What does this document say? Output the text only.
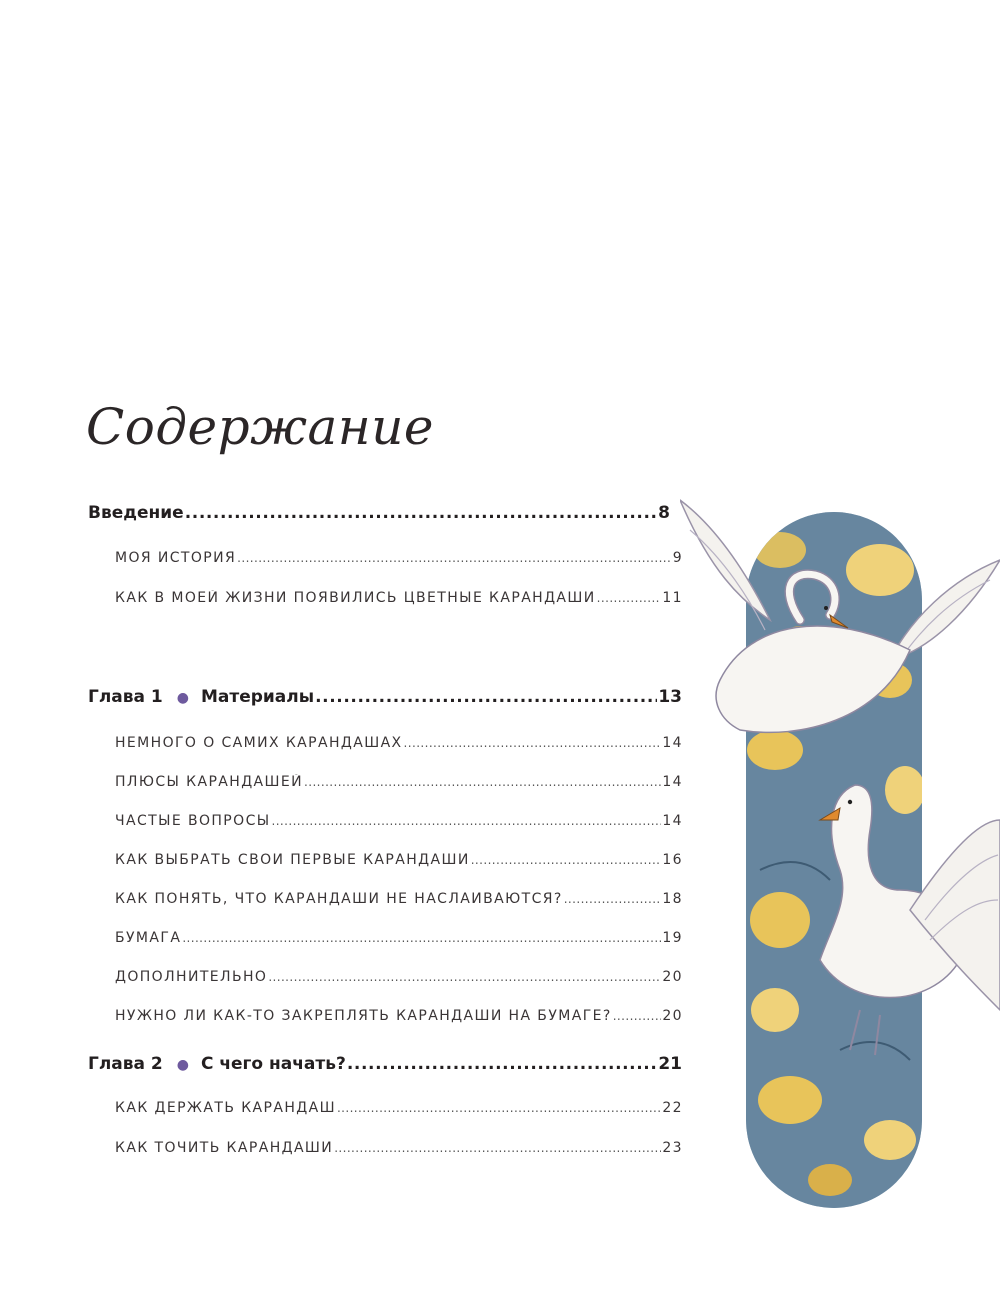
Содержание
Введение .....	8
МОЯ ИСТОРИЯ .....	9
КАК В МОЕЙ ЖИЗНИ ПОЯВИЛИСЬ ЦВЕТНЫЕ КАРАНДАШИ .....	11
Глава 1 ● Материалы .....	13
НЕМНОГО О САМИХ КАРАНДАШАХ .....	14
ПЛЮСЫ КАРАНДАШЕЙ .....	14
ЧАСТЫЕ ВОПРОСЫ .....	14
КАК ВЫБРАТЬ СВОИ ПЕРВЫЕ КАРАНДАШИ .....	16
КАК ПОНЯТЬ, ЧТО КАРАНДАШИ НЕ НАСЛАИВАЮТСЯ? .....	18
БУМАГА .....	19
ДОПОЛНИТЕЛЬНО .....	20
НУЖНО ЛИ КАК-ТО ЗАКРЕПЛЯТЬ КАРАНДАШИ НА БУМАГЕ? .....	20
Глава 2 ● С чего начать? .....	21
КАК ДЕРЖАТЬ КАРАНДАШ .....	22
КАК ТОЧИТЬ КАРАНДАШИ .....	23
